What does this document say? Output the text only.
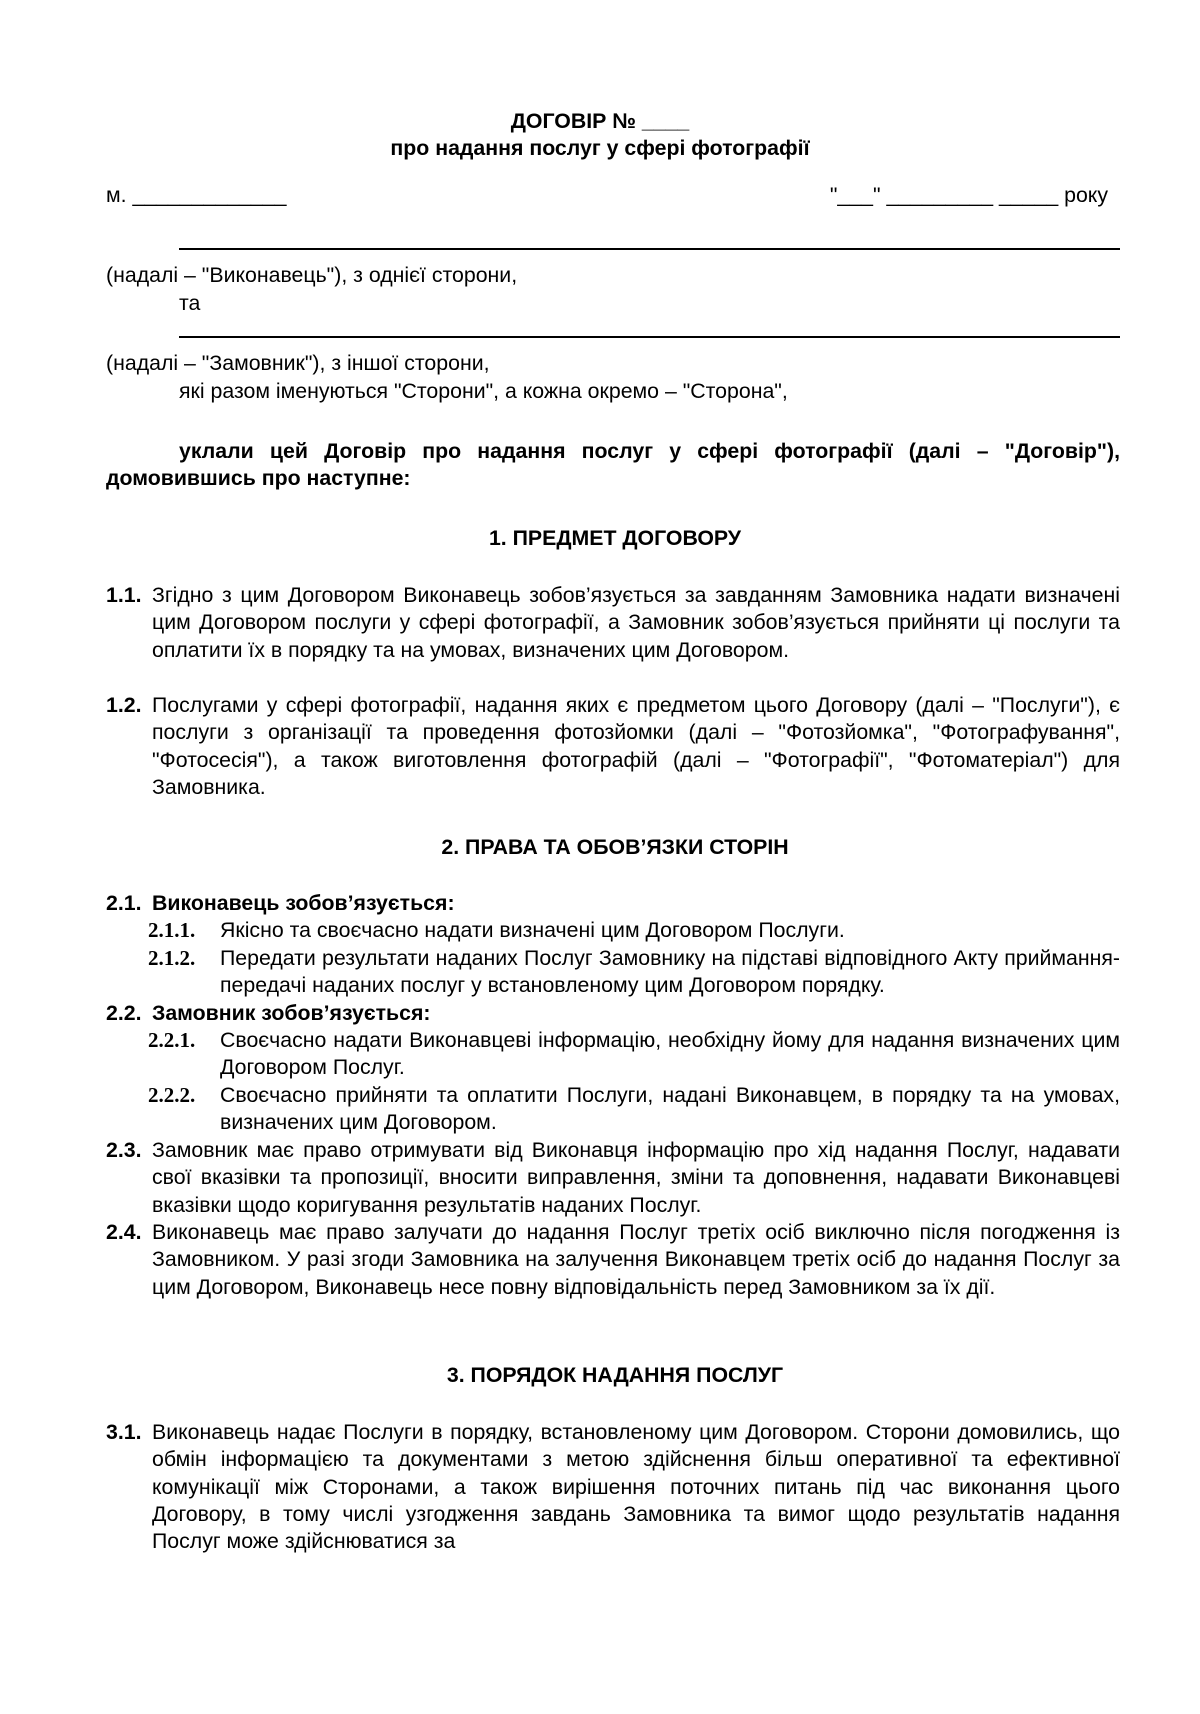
ДОГОВІР № ____
про надання послуг у сфері фотографії
м. _____________	"___" _________ _____ року
(надалі – "Виконавець"), з однієї сторони,
та
(надалі – "Замовник"), з іншої сторони,
які разом іменуються "Сторони", а кожна окремо – "Сторона",
уклали цей Договір про надання послуг у сфері фотографії (далі – "Договір"),
домовившись про наступне:
1. ПРЕДМЕТ ДОГОВОРУ
1.1. Згідно з цим Договором Виконавець зобов’язується за завданням Замовника надати визначені цим Договором послуги у сфері фотографії, а Замовник зобов’язується прийняти ці послуги та оплатити їх в порядку та на умовах, визначених цим Договором.
1.2. Послугами у сфері фотографії, надання яких є предметом цього Договору (далі – "Послуги"), є послуги з організації та проведення фотозйомки (далі – "Фотозйомка", "Фотографування", "Фотосесія"), а також виготовлення фотографій (далі – "Фотографії", "Фотоматеріал") для Замовника.
2. ПРАВА ТА ОБОВ’ЯЗКИ СТОРІН
2.1. Виконавець зобов’язується:
2.1.1. Якісно та своєчасно надати визначені цим Договором Послуги.
2.1.2. Передати результати наданих Послуг Замовнику на підставі відповідного Акту приймання-передачі наданих послуг у встановленому цим Договором порядку.
2.2. Замовник зобов’язується:
2.2.1. Своєчасно надати Виконавцеві інформацію, необхідну йому для надання визначених цим Договором Послуг.
2.2.2. Своєчасно прийняти та оплатити Послуги, надані Виконавцем, в порядку та на умовах, визначених цим Договором.
2.3. Замовник має право отримувати від Виконавця інформацію про хід надання Послуг, надавати свої вказівки та пропозиції, вносити виправлення, зміни та доповнення, надавати Виконавцеві вказівки щодо коригування результатів наданих Послуг.
2.4. Виконавець має право залучати до надання Послуг третіх осіб виключно після погодження із Замовником. У разі згоди Замовника на залучення Виконавцем третіх осіб до надання Послуг за цим Договором, Виконавець несе повну відповідальність перед Замовником за їх дії.
3. ПОРЯДОК НАДАННЯ ПОСЛУГ
3.1. Виконавець надає Послуги в порядку, встановленому цим Договором. Сторони домовились, що обмін інформацією та документами з метою здійснення більш оперативної та ефективної комунікації між Сторонами, а також вирішення поточних питань під час виконання цього Договору, в тому числі узгодження завдань Замовника та вимог щодо результатів надання Послуг може здійснюватися за
